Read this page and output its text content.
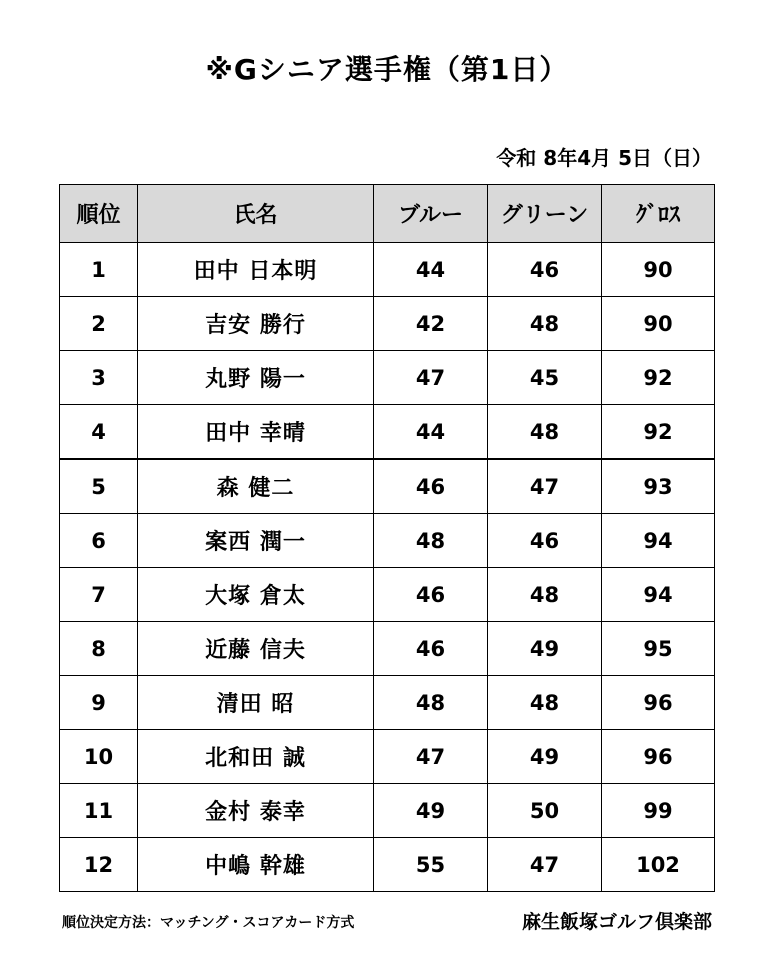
※Gシニア選手権（第1日）
令和 8年4月 5日（日）
順位	氏名	ブルー	グリーン	ｸﾞﾛｽ
1	田中 日本明	44	46	90
2	吉安 勝行	42	48	90
3	丸野 陽一	47	45	92
4	田中 幸晴	44	48	92
5	森 健二	46	47	93
6	案西 潤一	48	46	94
7	大塚 倉太	46	48	94
8	近藤 信夫	46	49	95
9	清田 昭	48	48	96
10	北和田 誠	47	49	96
11	金村 泰幸	49	50	99
12	中嶋 幹雄	55	47	102
順位決定方法：マッチング・スコアカード方式	麻生飯塚ゴルフ倶楽部
